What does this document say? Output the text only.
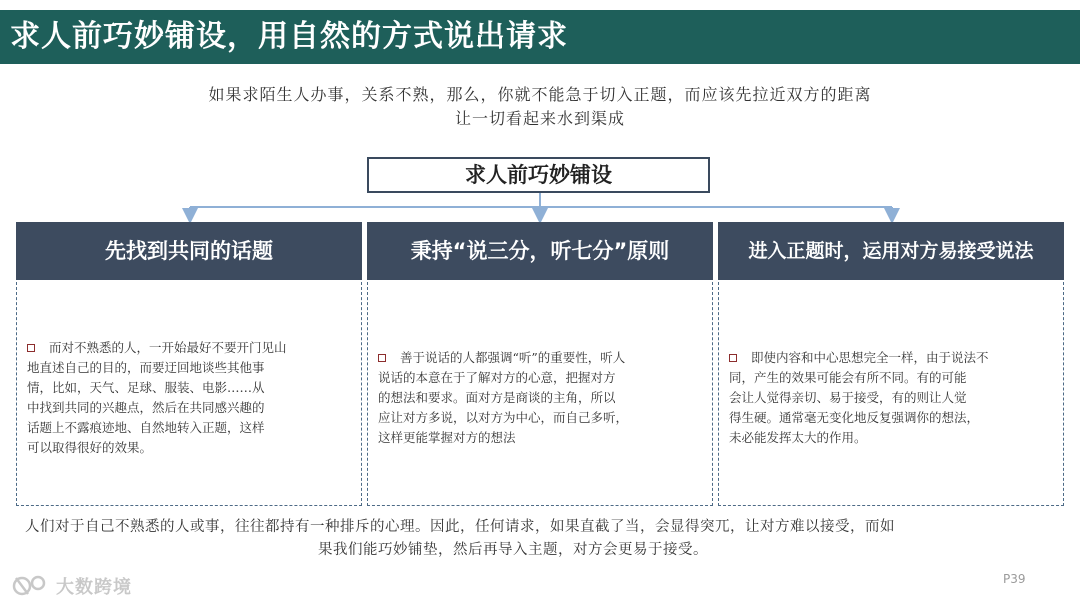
求人前巧妙铺设，用自然的方式说出请求
如果求陌生人办事，关系不熟，那么，你就不能急于切入正题，而应该先拉近双方的距离
让一切看起来水到渠成
求人前巧妙铺设
先找到共同的话题
而对不熟悉的人，一开始最好不要开门见山
地直述自己的目的，而要迂回地谈些其他事
情，比如，天气、足球、服装、电影……从
中找到共同的兴趣点，然后在共同感兴趣的
话题上不露痕迹地、自然地转入正题，这样
可以取得很好的效果。
秉持“说三分，听七分”原则
善于说话的人都强调“听”的重要性，听人
说话的本意在于了解对方的心意，把握对方
的想法和要求。面对方是商谈的主角，所以
应让对方多说，以对方为中心，而自己多听，
这样更能掌握对方的想法
进入正题时，运用对方易接受说法
即使内容和中心思想完全一样，由于说法不
同，产生的效果可能会有所不同。有的可能
会让人觉得亲切、易于接受，有的则让人觉
得生硬。通常毫无变化地反复强调你的想法，
未必能发挥太大的作用。
人们对于自己不熟悉的人或事，往往都持有一种排斥的心理。因此，任何请求，如果直截了当，会显得突兀，让对方难以接受，而如
果我们能巧妙铺垫，然后再导入主题，对方会更易于接受。
大数跨境	P39
